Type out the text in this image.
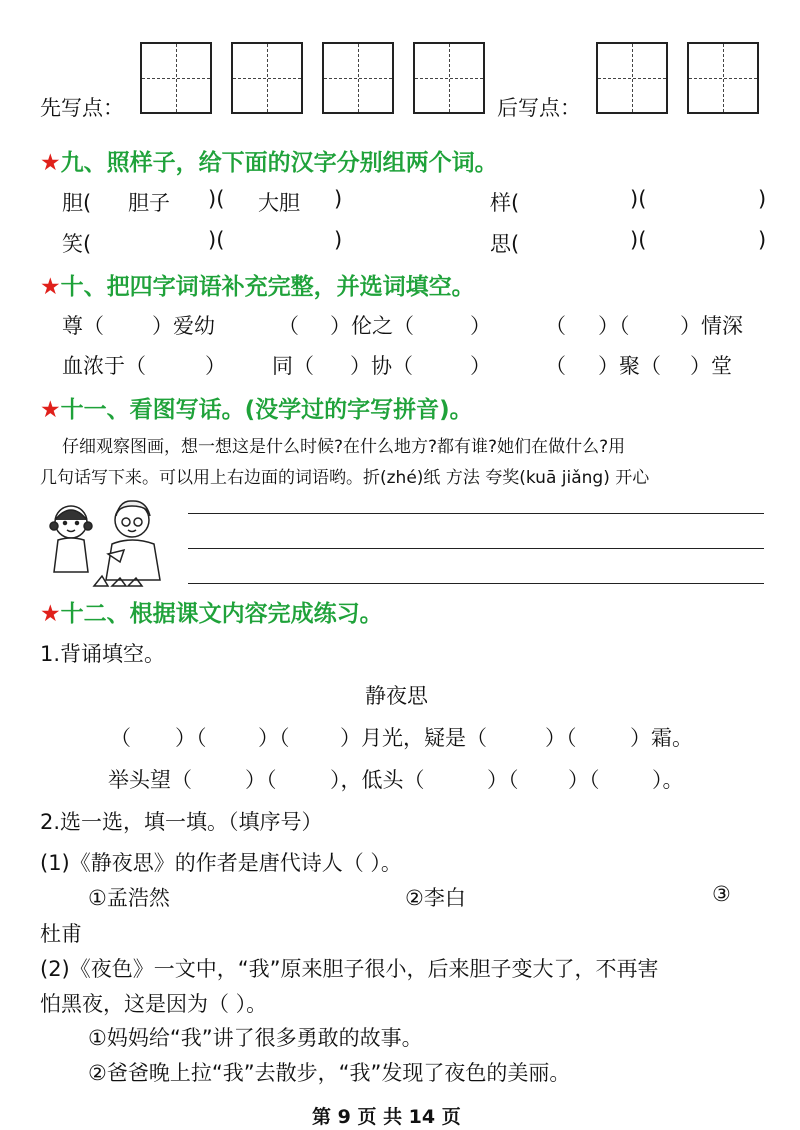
先写点：	后写点：
★九、照样子，给下面的汉字分别组两个词。
胆( 胆子 )( 大胆 )	样(	)(	)
笑(	)(	)	思(	)(	)
★十、把四字词语补充完整，并选词填空。
尊（ ）爱幼	（ ）伦之（	）	（ ）（ ）情深
血浓于（	） 同（ ）协（	）	（ ）聚（ ）堂
★十一、看图写话。(没学过的字写拼音)。
仔细观察图画，想一想这是什么时候?在什么地方?都有谁?她们在做什么?用
几句话写下来。可以用上右边面的词语哟。折(zhé)纸 方法 夸奖(kuā jiǎng) 开心
★十二、根据课文内容完成练习。
1.背诵填空。
静夜思
（ ）（ ）（ ）月光，疑是（	）（	）霜。
举头望（	）（	），低头（	）（ ）（	）。
2.选一选，填一填。（填序号）
(1)《静夜思》的作者是唐代诗人（ ）。
①孟浩然	②李白	③
杜甫
(2)《夜色》一文中，“我”原来胆子很小，后来胆子变大了，不再害
怕黑夜，这是因为（ ）。
①妈妈给“我”讲了很多勇敢的故事。
②爸爸晚上拉“我”去散步，“我”发现了夜色的美丽。
第 9 页 共 14 页
